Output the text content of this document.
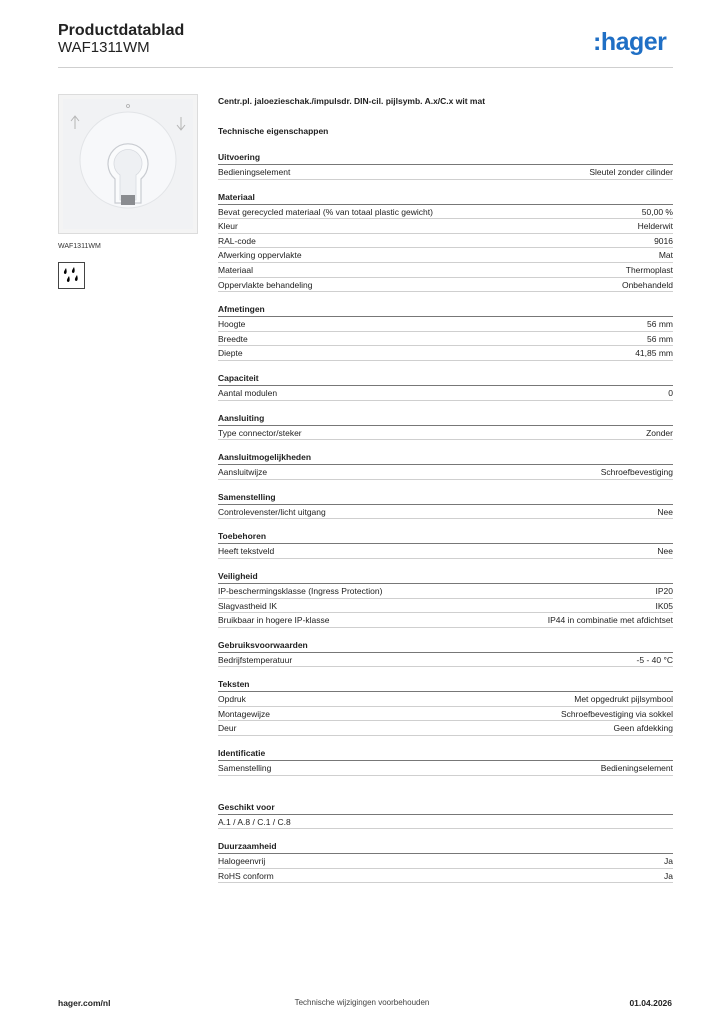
Productdatablad
WAF1311WM	:hager
WAF1311WM
Centr.pl. jaloezieschak./impulsdr. DIN-cil. pijlsymb. A.x/C.x wit mat
Technische eigenschappen
Uitvoering
Bedieningselement	Sleutel zonder cilinder
Materiaal
Bevat gerecycled materiaal (% van totaal plastic gewicht)	50,00 %
Kleur	Helderwit
RAL-code	9016
Afwerking oppervlakte	Mat
Materiaal	Thermoplast
Oppervlakte behandeling	Onbehandeld
Afmetingen
Hoogte	56 mm
Breedte	56 mm
Diepte	41,85 mm
Capaciteit
Aantal modulen	0
Aansluiting
Type connector/steker	Zonder
Aansluitmogelijkheden
Aansluitwijze	Schroefbevestiging
Samenstelling
Controlevenster/licht uitgang	Nee
Toebehoren
Heeft tekstveld	Nee
Veiligheid
IP-beschermingsklasse (Ingress Protection)	IP20
Slagvastheid IK	IK05
Bruikbaar in hogere IP-klasse	IP44 in combinatie met afdichtset
Gebruiksvoorwaarden
Bedrijfstemperatuur	-5 - 40 °C
Teksten
Opdruk	Met opgedrukt pijlsymbool
Montagewijze	Schroefbevestiging via sokkel
Deur	Geen afdekking
Identificatie
Samenstelling	Bedieningselement
Geschikt voor
A.1 / A.8 / C.1 / C.8
Duurzaamheid
Halogeenvrij	Ja
RoHS conform	Ja
hager.com/nl	Technische wijzigingen voorbehouden	01.04.2026
